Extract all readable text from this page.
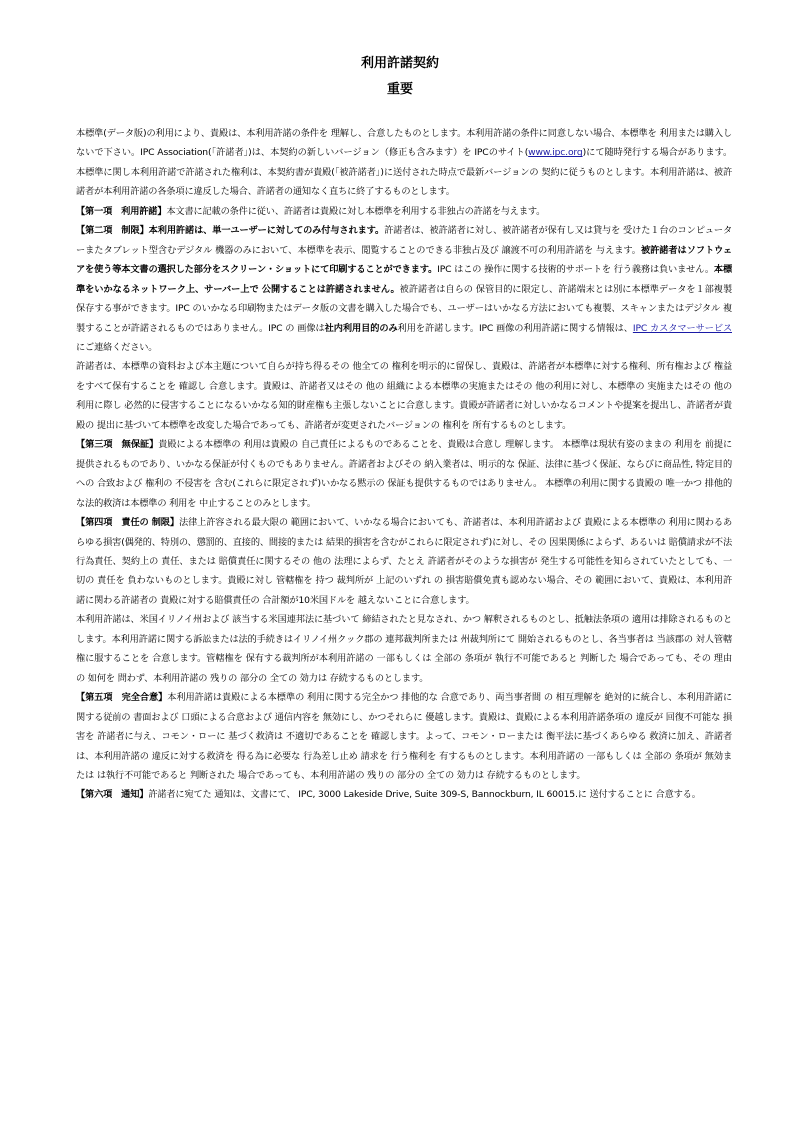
利用許諾契約
重要

本標準(データ版)の利用により、貴殿は、本利用許諾の条件を 理解し、合意したものとします。本利用許諾の条件に同意しない場合、本標準を 利用または購入しないで下さい。IPC Association(「許諾者」)は、本契約の新しいバージョン（修正も含みます）を IPCのサイト(www.ipc.org)にて随時発行する場合があります。本標準に関し本利用許諾で許諾された権利は、本契約書が貴殿(「被許諾者」)に送付された時点で最新バージョンの 契約に従うものとします。本利用許諾は、被許諾者が本利用許諾の各条項に違反した場合、許諾者の通知なく直ちに終了するものとします。

【第一項　利用許諾】本文書に記載の条件に従い、許諾者は貴殿に対し本標準を利用する非独占の許諾を与えます。

【第二項　制限】本利用許諾は、単一ユーザーに対してのみ付与されます。許諾者は、被許諾者に対し、被許諾者が保有し又は貸与を 受けた１台のコンピューターまたタブレット型含むデジタル 機器のみにおいて、本標準を表示、閲覧することのできる非独占及び 譲渡不可の利用許諾を 与えます。被許諾者はソフトウェアを使う等本文書の選択した部分をスクリーン・ショットにて印刷することができます。IPC はこの 操作に関する技術的サポートを 行う義務は負いません。本標準をいかなるネットワーク上、サーバー上で 公開することは許諾されません。被許諾者は自らの 保管目的に限定し、許諾端末とは別に本標準データを１部複製保存する事ができます。IPC のいかなる印刷物またはデータ版の文書を購入した場合でも、ユーザーはいかなる方法においても複製、スキャンまたはデジタル 複製することが許諾されるものではありません。IPC の 画像は社内利用目的のみ利用を許諾します。IPC 画像の利用許諾に関する情報は、IPC カスタマーサービスにご連絡ください。

許諾者は、本標準の資料および本主題について自らが持ち得るその 他全ての 権利を明示的に留保し、貴殿は、許諾者が本標準に対する権利、所有権および 権益をすべて保有することを 確認し 合意します。貴殿は、許諾者又はその 他の 組織による本標準の実施またはその 他の利用に対し、本標準の 実施またはその 他の 利用に際し 必然的に侵害することになるいかなる知的財産権も主張しないことに合意します。貴殿が許諾者に対しいかなるコメントや提案を提出し、許諾者が貴殿の 提出に基づいて本標準を改変した場合であっても、許諾者が変更されたバージョンの 権利を 所有するものとします。

【第三項　無保証】貴殿による本標準の 利用は貴殿の 自己責任によるものであることを、貴殿は合意し 理解します。 本標準は現状有姿のままの 利用を 前提に提供されるものであり、いかなる保証が付くものでもありません。許諾者およびその 納入業者は、明示的な 保証、法律に基づく保証、ならびに商品性, 特定目的への 合致および 権利の 不侵害を 含む(これらに限定されず)いかなる黙示の 保証も提供するものではありません。 本標準の利用に関する貴殿の 唯一かつ 排他的な法的救済は本標準の 利用を 中止することのみとします。

【第四項　責任の 制限】法律上許容される最大限の 範囲において、いかなる場合においても、許諾者は、本利用許諾および 貴殿による本標準の 利用に関わるあらゆる損害(偶発的、特別の、懲罰的、直接的、間接的または 結果的損害を含むがこれらに限定されず)に対し、その 因果関係によらず、あるいは 賠償請求が不法行為責任、契約上の 責任、または 賠償責任に関するその 他の 法理によらず、たとえ 許諾者がそのような損害が 発生する可能性を知らされていたとしても、一切の 責任を 負わないものとします。貴殿に対し 管轄権を 持つ 裁判所が 上記のいずれ の 損害賠償免責も認めない場合、その 範囲において、貴殿は、本利用許諾に関わる許諾者の 貴殿に対する賠償責任の 合計額が10米国ドルを 越えないことに合意します。

本利用許諾は、米国イリノイ州および 該当する米国連邦法に基づいて 締結されたと見なされ、かつ 解釈されるものとし、抵触法条項の 適用は排除されるものとします。本利用許諾に関する訴訟または法的手続きはイリノイ州クック郡の 連邦裁判所または 州裁判所にて 開始されるものとし、各当事者は 当該郡の 対人管轄権に服することを 合意します。管轄権を 保有する裁判所が本利用許諾の 一部もしくは 全部の 条項が 執行不可能であると 判断した 場合であっても、その 理由の 如何を 問わず、本利用許諾の 残りの 部分の 全ての 効力は 存続するものとします。

【第五項　完全合意】本利用許諾は貴殿による本標準の 利用に関する完全かつ 排他的な 合意であり、両当事者間 の 相互理解を 絶対的に統合し、本利用許諾に関する従前の 書面および 口頭による合意および 通信内容を 無効にし、かつそれらに 優越します。貴殿は、貴殿による本利用許諾条項の 違反が 回復不可能な 損害を 許諾者に与え、コモン・ローに 基づく救済は 不適切であることを 確認します。よって、コモン・ローまたは 衡平法に基づくあらゆる 救済に加え、許諾者は、本利用許諾の 違反に対する救済を 得る為に必要な 行為差し止め 請求を 行う権利を 有するものとします。本利用許諾の 一部もしくは 全部の 条項が 無効または は執行不可能であると 判断された 場合であっても、本利用許諾の 残りの 部分の 全ての 効力は 存続するものとします。

【第六項　通知】許諾者に宛てた 通知は、文書にて、 IPC, 3000 Lakeside Drive, Suite 309-S, Bannockburn, IL 60015.に 送付することに 合意する。
